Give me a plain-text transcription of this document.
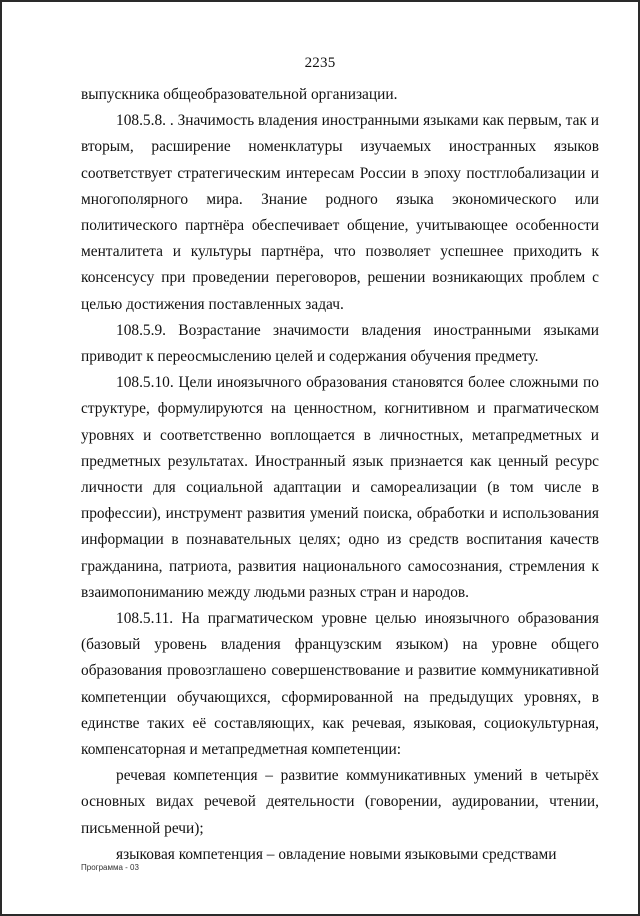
2235

выпускника общеобразовательной организации.

108.5.8. . Значимость владения иностранными языками как первым, так и вторым, расширение номенклатуры изучаемых иностранных языков соответствует стратегическим интересам России в эпоху постглобализации и многополярного мира. Знание родного языка экономического или политического партнёра обеспечивает общение, учитывающее особенности менталитета и культуры партнёра, что позволяет успешнее приходить к консенсусу при проведении переговоров, решении возникающих проблем с целью достижения поставленных задач.

108.5.9. Возрастание значимости владения иностранными языками приводит к переосмыслению целей и содержания обучения предмету.

108.5.10. Цели иноязычного образования становятся более сложными по структуре, формулируются на ценностном, когнитивном и прагматическом уровнях и соответственно воплощается в личностных, метапредметных и предметных результатах. Иностранный язык признается как ценный ресурс личности для социальной адаптации и самореализации (в том числе в профессии), инструмент развития умений поиска, обработки и использования информации в познавательных целях; одно из средств воспитания качеств гражданина, патриота, развития национального самосознания, стремления к взаимопониманию между людьми разных стран и народов.

108.5.11. На прагматическом уровне целью иноязычного образования (базовый уровень владения французским языком) на уровне общего образования провозглашено совершенствование и развитие коммуникативной компетенции обучающихся, сформированной на предыдущих уровнях, в единстве таких её составляющих, как речевая, языковая, социокультурная, компенсаторная и метапредметная компетенции:

речевая компетенция – развитие коммуникативных умений в четырёх основных видах речевой деятельности (говорении, аудировании, чтении, письменной речи);

языковая компетенция – овладение новыми языковыми средствами

Программа - 03
